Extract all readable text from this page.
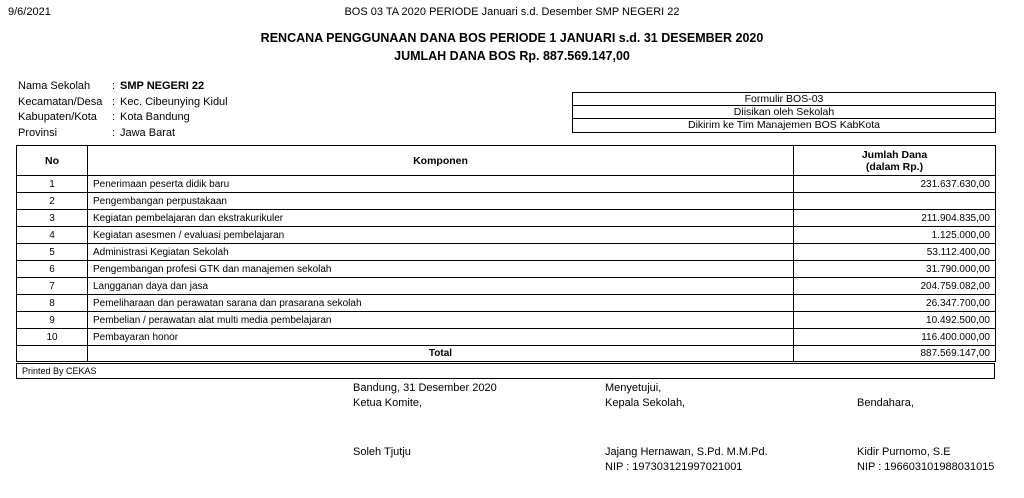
9/6/2021	BOS 03 TA 2020 PERIODE Januari s.d. Desember SMP NEGERI 22
RENCANA PENGGUNAAN DANA BOS PERIODE 1 JANUARI s.d. 31 DESEMBER 2020
JUMLAH DANA BOS Rp. 887.569.147,00
Nama Sekolah : SMP NEGERI 22
Kecamatan/Desa : Kec. Cibeunying Kidul
Kabupaten/Kota : Kota Bandung
Provinsi	: Jawa Barat
Formulir BOS-03
Diisikan oleh Sekolah
Dikirim ke Tim Manajemen BOS KabKota
No	Komponen	Jumlah Dana
(dalam Rp.)

1	Penerimaan peserta didik baru	231.637.630,00
2	Pengembangan perpustakaan	
3	Kegiatan pembelajaran dan ekstrakurikuler	211.904.835,00
4	Kegiatan asesmen / evaluasi pembelajaran	1.125.000,00
5	Administrasi Kegiatan Sekolah	53.112.400,00
6	Pengembangan profesi GTK dan manajemen sekolah	31.790.000,00
7	Langganan daya dan jasa	204.759.082,00
8	Pemeliharaan dan perawatan sarana dan prasarana sekolah	26.347.700,00
9	Pembelian / perawatan alat multi media pembelajaran	10.492.500,00
10	Pembayaran honor	116.400.000,00
	Total	887.569.147,00
Printed By CEKAS
Bandung, 31 Desember 2020
Ketua Komite,
Soleh Tjutju
Menyetujui,
Kepala Sekolah,
Jajang Hernawan, S.Pd. M.M.Pd.
NIP : 197303121997021001
Bendahara,
Kidir Purnomo, S.E
NIP : 196603101988031015
